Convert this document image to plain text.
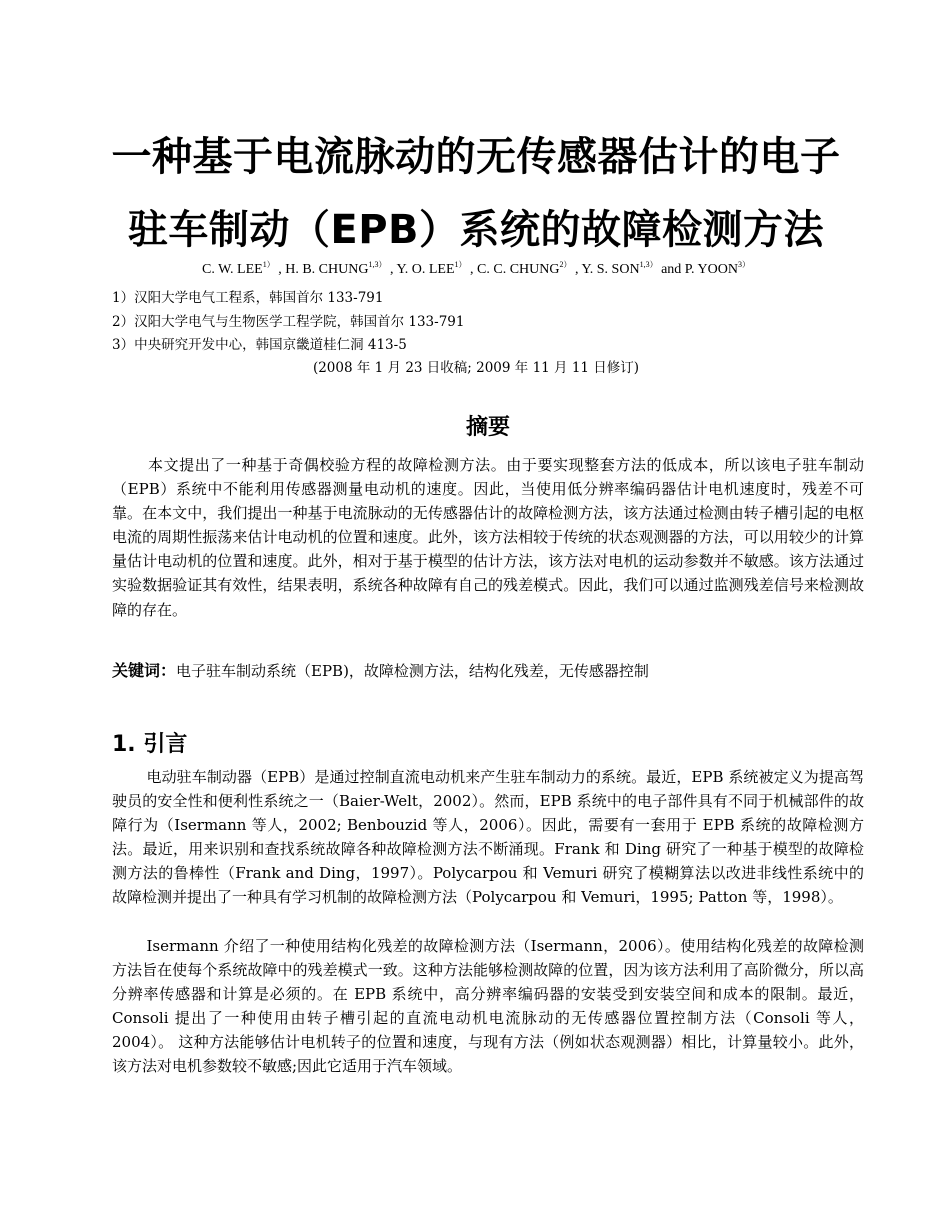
一种基于电流脉动的无传感器估计的电子
驻车制动（EPB）系统的故障检测方法
C. W. $LEE^{1)}$ , H. B. $CHUNG^{1,3)}$ , Y. O. $LEE^{1)}$ , C. C. $CHUNG^{2)}$ , Y. S. $SON^{1,3)}$ and P. $YOON^{3)}$
1）汉阳大学电气工程系，韩国首尔 133-791
2）汉阳大学电气与生物医学工程学院，韩国首尔 133-791
3）中央研究开发中心，韩国京畿道桂仁洞 413-5
(2008 年 1 月 23 日收稿; 2009 年 11 月 11 日修订)
摘要

本文提出了一种基于奇偶校验方程的故障检测方法。由于要实现整套方法的低成本，所以该电子驻车制动（EPB）系统中不能利用传感器测量电动机的速度。因此，当使用低分辨率编码器估计电机速度时，残差不可靠。在本文中，我们提出一种基于电流脉动的无传感器估计的故障检测方法，该方法通过检测由转子槽引起的电枢电流的周期性振荡来估计电动机的位置和速度。此外，该方法相较于传统的状态观测器的方法，可以用较少的计算量估计电动机的位置和速度。此外，相对于基于模型的估计方法，该方法对电机的运动参数并不敏感。该方法通过实验数据验证其有效性，结果表明，系统各种故障有自己的残差模式。因此，我们可以通过监测残差信号来检测故障的存在。

关键词：电子驻车制动系统（EPB)，故障检测方法，结构化残差，无传感器控制
1. 引言

电动驻车制动器（EPB）是通过控制直流电动机来产生驻车制动力的系统。最近，EPB 系统被定义为提高驾驶员的安全性和便利性系统之一（Baier-Welt，2002）。然而，EPB 系统中的电子部件具有不同于机械部件的故障行为（Isermann 等人，2002; Benbouzid 等人，2006）。因此，需要有一套用于 EPB 系统的故障检测方法。最近，用来识别和查找系统故障各种故障检测方法不断涌现。Frank 和 Ding 研究了一种基于模型的故障检测方法的鲁棒性（Frank and Ding，1997）。Polycarpou 和 Vemuri 研究了模糊算法以改进非线性系统中的故障检测并提出了一种具有学习机制的故障检测方法（Polycarpou 和 Vemuri，1995; Patton 等，1998）。

Isermann 介绍了一种使用结构化残差的故障检测方法（Isermann，2006）。使用结构化残差的故障检测方法旨在使每个系统故障中的残差模式一致。这种方法能够检测故障的位置，因为该方法利用了高阶微分，所以高分辨率传感器和计算是必须的。在 EPB 系统中，高分辨率编码器的安装受到安装空间和成本的限制。最近，Consoli 提出了一种使用由转子槽引起的直流电动机电流脉动的无传感器位置控制方法（Consoli 等人，2004）。 这种方法能够估计电机转子的位置和速度，与现有方法（例如状态观测器）相比，计算量较小。此外，该方法对电机参数较不敏感;因此它适用于汽车领域。
